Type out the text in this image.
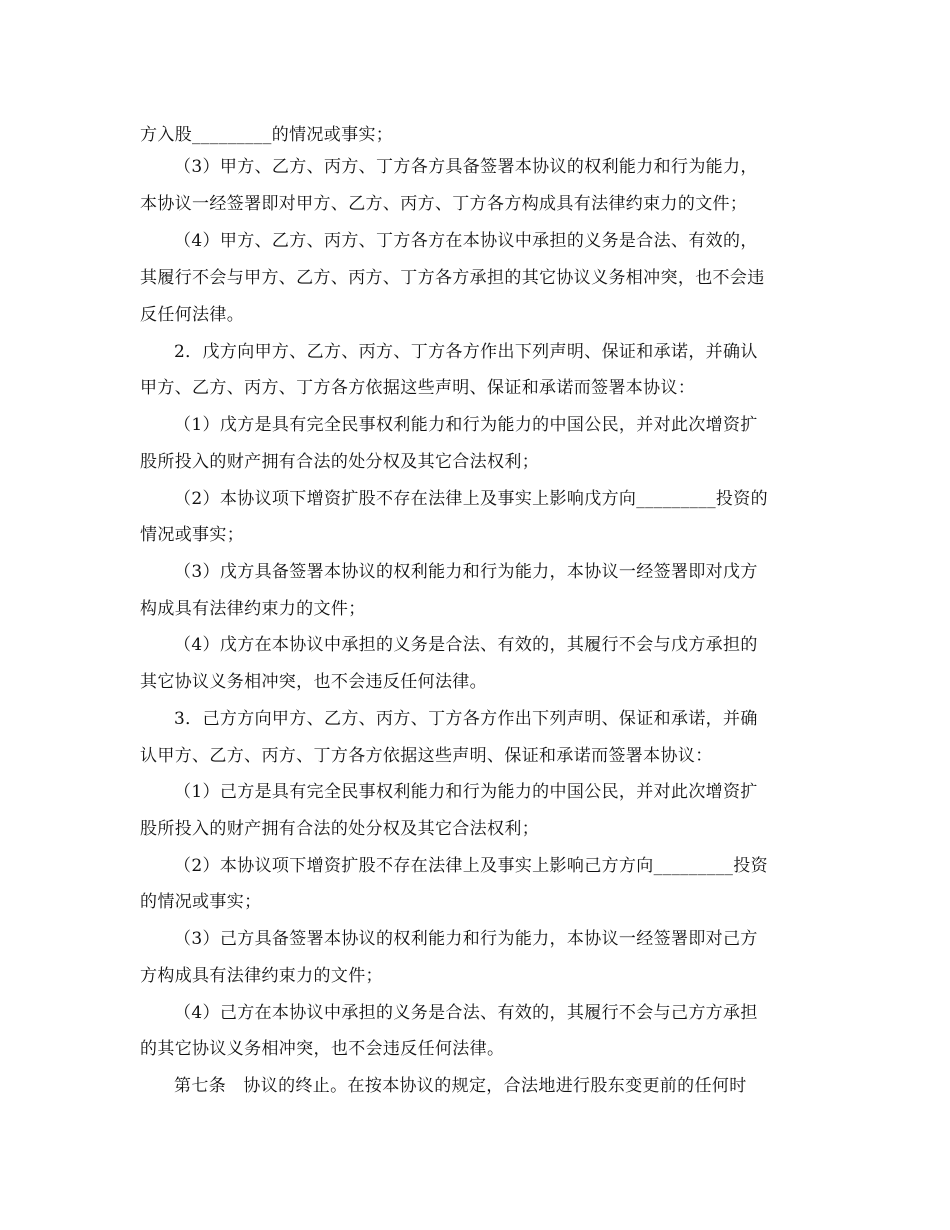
方入股_________的情况或事实；
（3）甲方、乙方、丙方、丁方各方具备签署本协议的权利能力和行为能力，
本协议一经签署即对甲方、乙方、丙方、丁方各方构成具有法律约束力的文件；
（4）甲方、乙方、丙方、丁方各方在本协议中承担的义务是合法、有效的，
其履行不会与甲方、乙方、丙方、丁方各方承担的其它协议义务相冲突，也不会违
反任何法律。
2．戊方向甲方、乙方、丙方、丁方各方作出下列声明、保证和承诺，并确认
甲方、乙方、丙方、丁方各方依据这些声明、保证和承诺而签署本协议：
（1）戊方是具有完全民事权利能力和行为能力的中国公民，并对此次增资扩
股所投入的财产拥有合法的处分权及其它合法权利；
（2）本协议项下增资扩股不存在法律上及事实上影响戊方向_________投资的
情况或事实；
（3）戊方具备签署本协议的权利能力和行为能力，本协议一经签署即对戊方
构成具有法律约束力的文件；
（4）戊方在本协议中承担的义务是合法、有效的，其履行不会与戊方承担的
其它协议义务相冲突，也不会违反任何法律。
3．己方方向甲方、乙方、丙方、丁方各方作出下列声明、保证和承诺，并确
认甲方、乙方、丙方、丁方各方依据这些声明、保证和承诺而签署本协议：
（1）己方是具有完全民事权利能力和行为能力的中国公民，并对此次增资扩
股所投入的财产拥有合法的处分权及其它合法权利；
（2）本协议项下增资扩股不存在法律上及事实上影响己方方向_________投资
的情况或事实；
（3）己方具备签署本协议的权利能力和行为能力，本协议一经签署即对己方
方构成具有法律约束力的文件；
（4）己方在本协议中承担的义务是合法、有效的，其履行不会与己方方承担
的其它协议义务相冲突，也不会违反任何法律。
第七条　协议的终止。在按本协议的规定，合法地进行股东变更前的任何时
